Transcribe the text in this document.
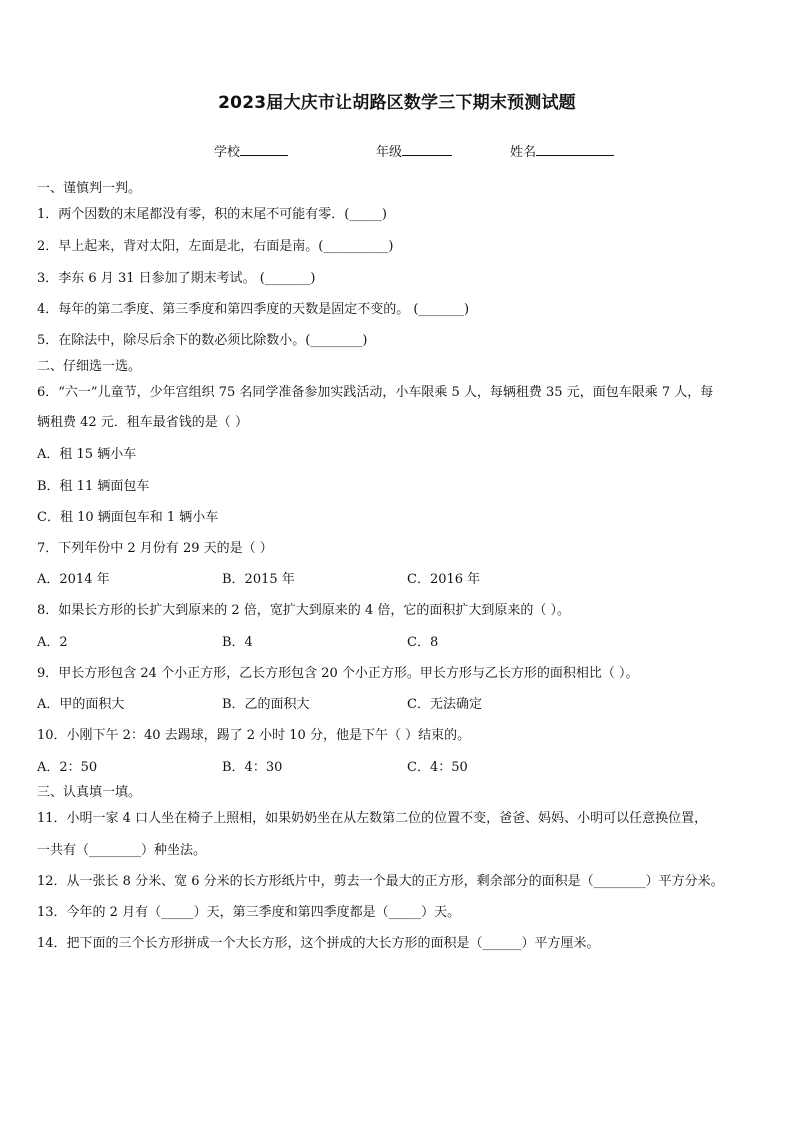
2023届大庆市让胡路区数学三下期末预测试题
学校	年级	姓名
一、谨慎判一判。
1．两个因数的末尾都没有零，积的末尾不可能有零．(_____)
2．早上起来，背对太阳，左面是北，右面是南。(__________)
3．李东 6 月 31 日参加了期末考试。 (_______)
4．每年的第二季度、第三季度和第四季度的天数是固定不变的。 (_______)
5．在除法中，除尽后余下的数必须比除数小。(________)
二、仔细选一选。
6．“六一”儿童节，少年宫组织 75 名同学准备参加实践活动，小车限乘 5 人，每辆租费 35 元，面包车限乘 7 人，每
辆租费 42 元．租车最省钱的是（ ）
A．租 15 辆小车
B．租 11 辆面包车
C．租 10 辆面包车和 1 辆小车
7．下列年份中 2 月份有 29 天的是（ ）
A．2014 年	B．2015 年	C．2016 年
8．如果长方形的长扩大到原来的 2 倍，宽扩大到原来的 4 倍，它的面积扩大到原来的（ ）。
A．2	B．4	C．8
9．甲长方形包含 24 个小正方形，乙长方形包含 20 个小正方形。甲长方形与乙长方形的面积相比（ ）。
A．甲的面积大	B．乙的面积大	C．无法确定
10．小刚下午 2：40 去踢球，踢了 2 小时 10 分，他是下午（ ）结束的。
A．2：50	B．4：30	C．4：50
三、认真填一填。
11．小明一家 4 口人坐在椅子上照相，如果奶奶坐在从左数第二位的位置不变，爸爸、妈妈、小明可以任意换位置，
一共有（________）种坐法。
12．从一张长 8 分米、宽 6 分米的长方形纸片中，剪去一个最大的正方形，剩余部分的面积是（________）平方分米。
13．今年的 2 月有（_____）天，第三季度和第四季度都是（_____）天。
14．把下面的三个长方形拼成一个大长方形，这个拼成的大长方形的面积是（______）平方厘米。
